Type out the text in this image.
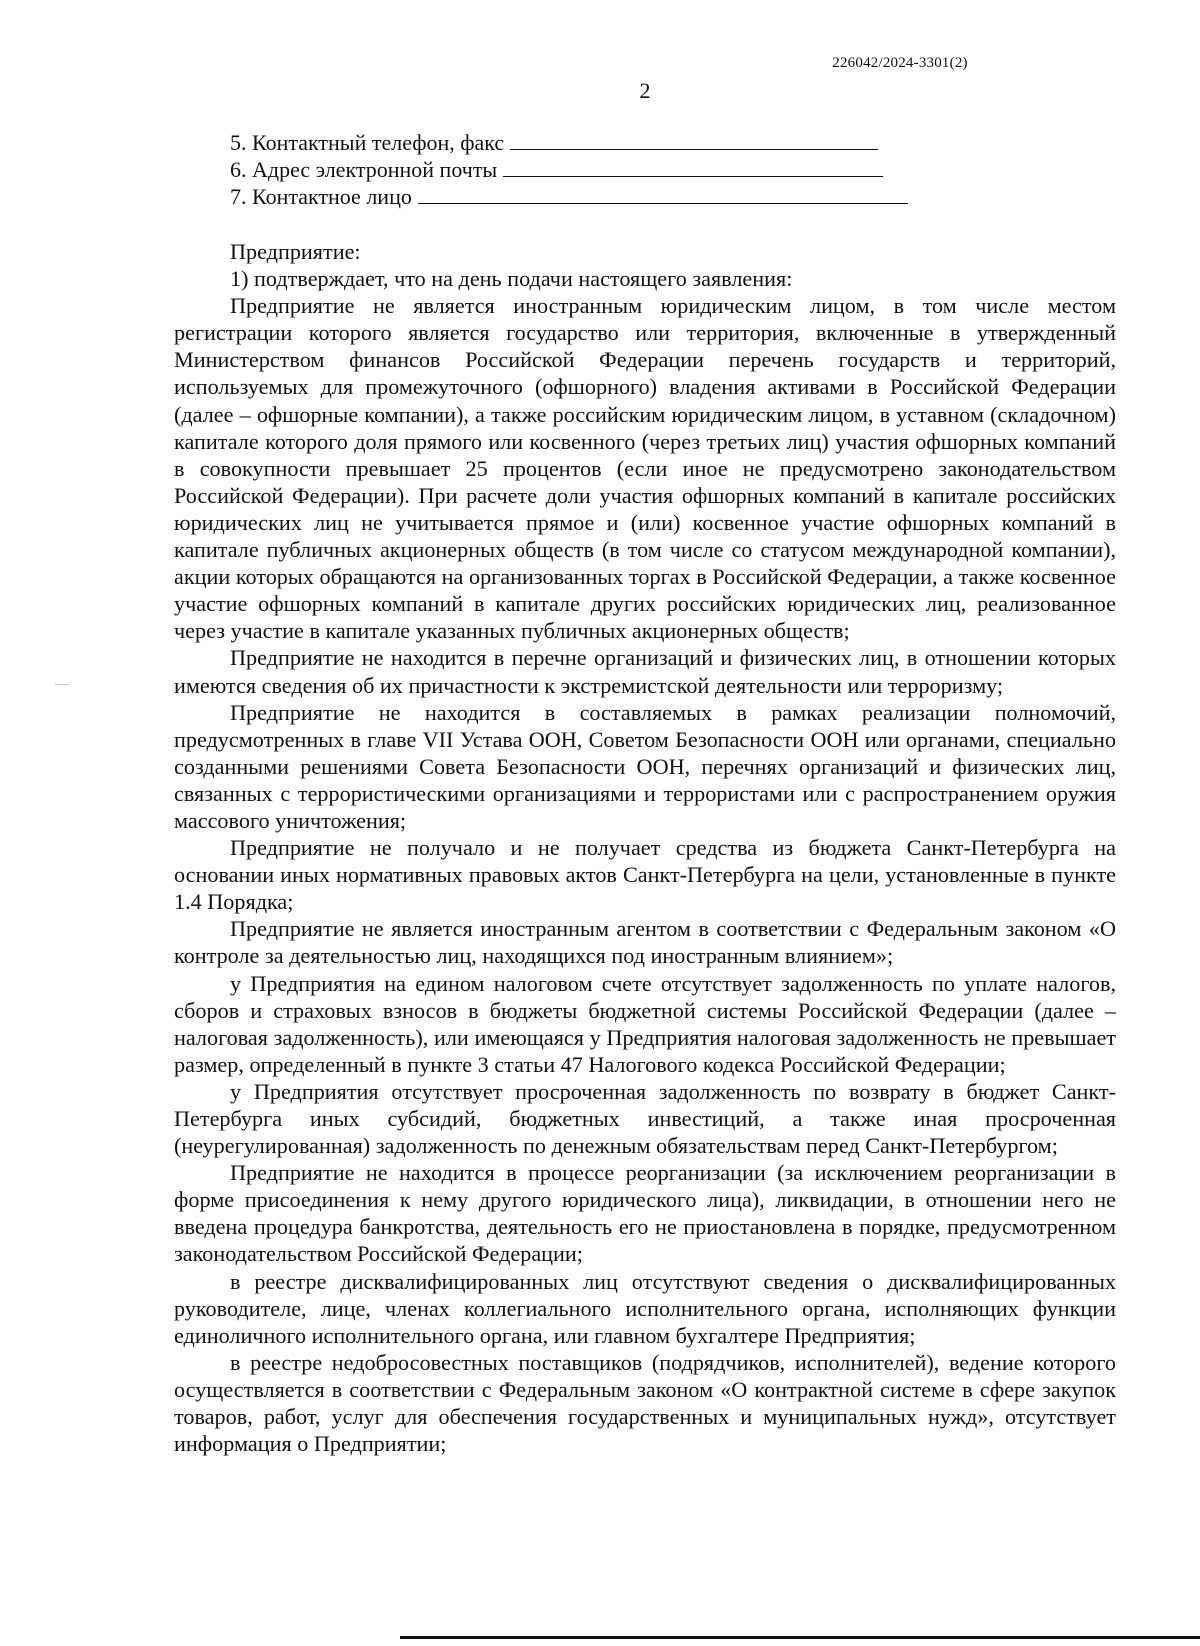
226042/2024-3301(2)
2
5. Контактный телефон, факс
6. Адрес электронной почты
7. Контактное лицо
Предприятие:
1) подтверждает, что на день подачи настоящего заявления:

Предприятие не является иностранным юридическим лицом, в том числе местом регистрации которого является государство или территория, включенные в утвержденный Министерством финансов Российской Федерации перечень государств и территорий, используемых для промежуточного (офшорного) владения активами в Российской Федерации (далее – офшорные компании), а также российским юридическим лицом, в уставном (складочном) капитале которого доля прямого или косвенного (через третьих лиц) участия офшорных компаний в совокупности превышает 25 процентов (если иное не предусмотрено законодательством Российской Федерации). При расчете доли участия офшорных компаний в капитале российских юридических лиц не учитывается прямое и (или) косвенное участие офшорных компаний в капитале публичных акционерных обществ (в том числе со статусом международной компании), акции которых обращаются на организованных торгах в Российской Федерации, а также косвенное участие офшорных компаний в капитале других российских юридических лиц, реализованное через участие в капитале указанных публичных акционерных обществ;

Предприятие не находится в перечне организаций и физических лиц, в отношении которых имеются сведения об их причастности к экстремистской деятельности или терроризму;

Предприятие не находится в составляемых в рамках реализации полномочий, предусмотренных в главе VII Устава ООН, Советом Безопасности ООН или органами, специально созданными решениями Совета Безопасности ООН, перечнях организаций и физических лиц, связанных с террористическими организациями и террористами или с распространением оружия массового уничтожения;

Предприятие не получало и не получает средства из бюджета Санкт-Петербурга на основании иных нормативных правовых актов Санкт-Петербурга на цели, установленные в пункте 1.4 Порядка;

Предприятие не является иностранным агентом в соответствии с Федеральным законом «О контроле за деятельностью лиц, находящихся под иностранным влиянием»;

у Предприятия на едином налоговом счете отсутствует задолженность по уплате налогов, сборов и страховых взносов в бюджеты бюджетной системы Российской Федерации (далее – налоговая задолженность), или имеющаяся у Предприятия налоговая задолженность не превышает размер, определенный в пункте 3 статьи 47 Налогового кодекса Российской Федерации;

у Предприятия отсутствует просроченная задолженность по возврату в бюджет Санкт-Петербурга иных субсидий, бюджетных инвестиций, а также иная просроченная (неурегулированная) задолженность по денежным обязательствам перед Санкт-Петербургом;

Предприятие не находится в процессе реорганизации (за исключением реорганизации в форме присоединения к нему другого юридического лица), ликвидации, в отношении него не введена процедура банкротства, деятельность его не приостановлена в порядке, предусмотренном законодательством Российской Федерации;

в реестре дисквалифицированных лиц отсутствуют сведения о дисквалифицированных руководителе, лице, членах коллегиального исполнительного органа, исполняющих функции единоличного исполнительного органа, или главном бухгалтере Предприятия;

в реестре недобросовестных поставщиков (подрядчиков, исполнителей), ведение которого осуществляется в соответствии с Федеральным законом «О контрактной системе в сфере закупок товаров, работ, услуг для обеспечения государственных и муниципальных нужд», отсутствует информация о Предприятии;
